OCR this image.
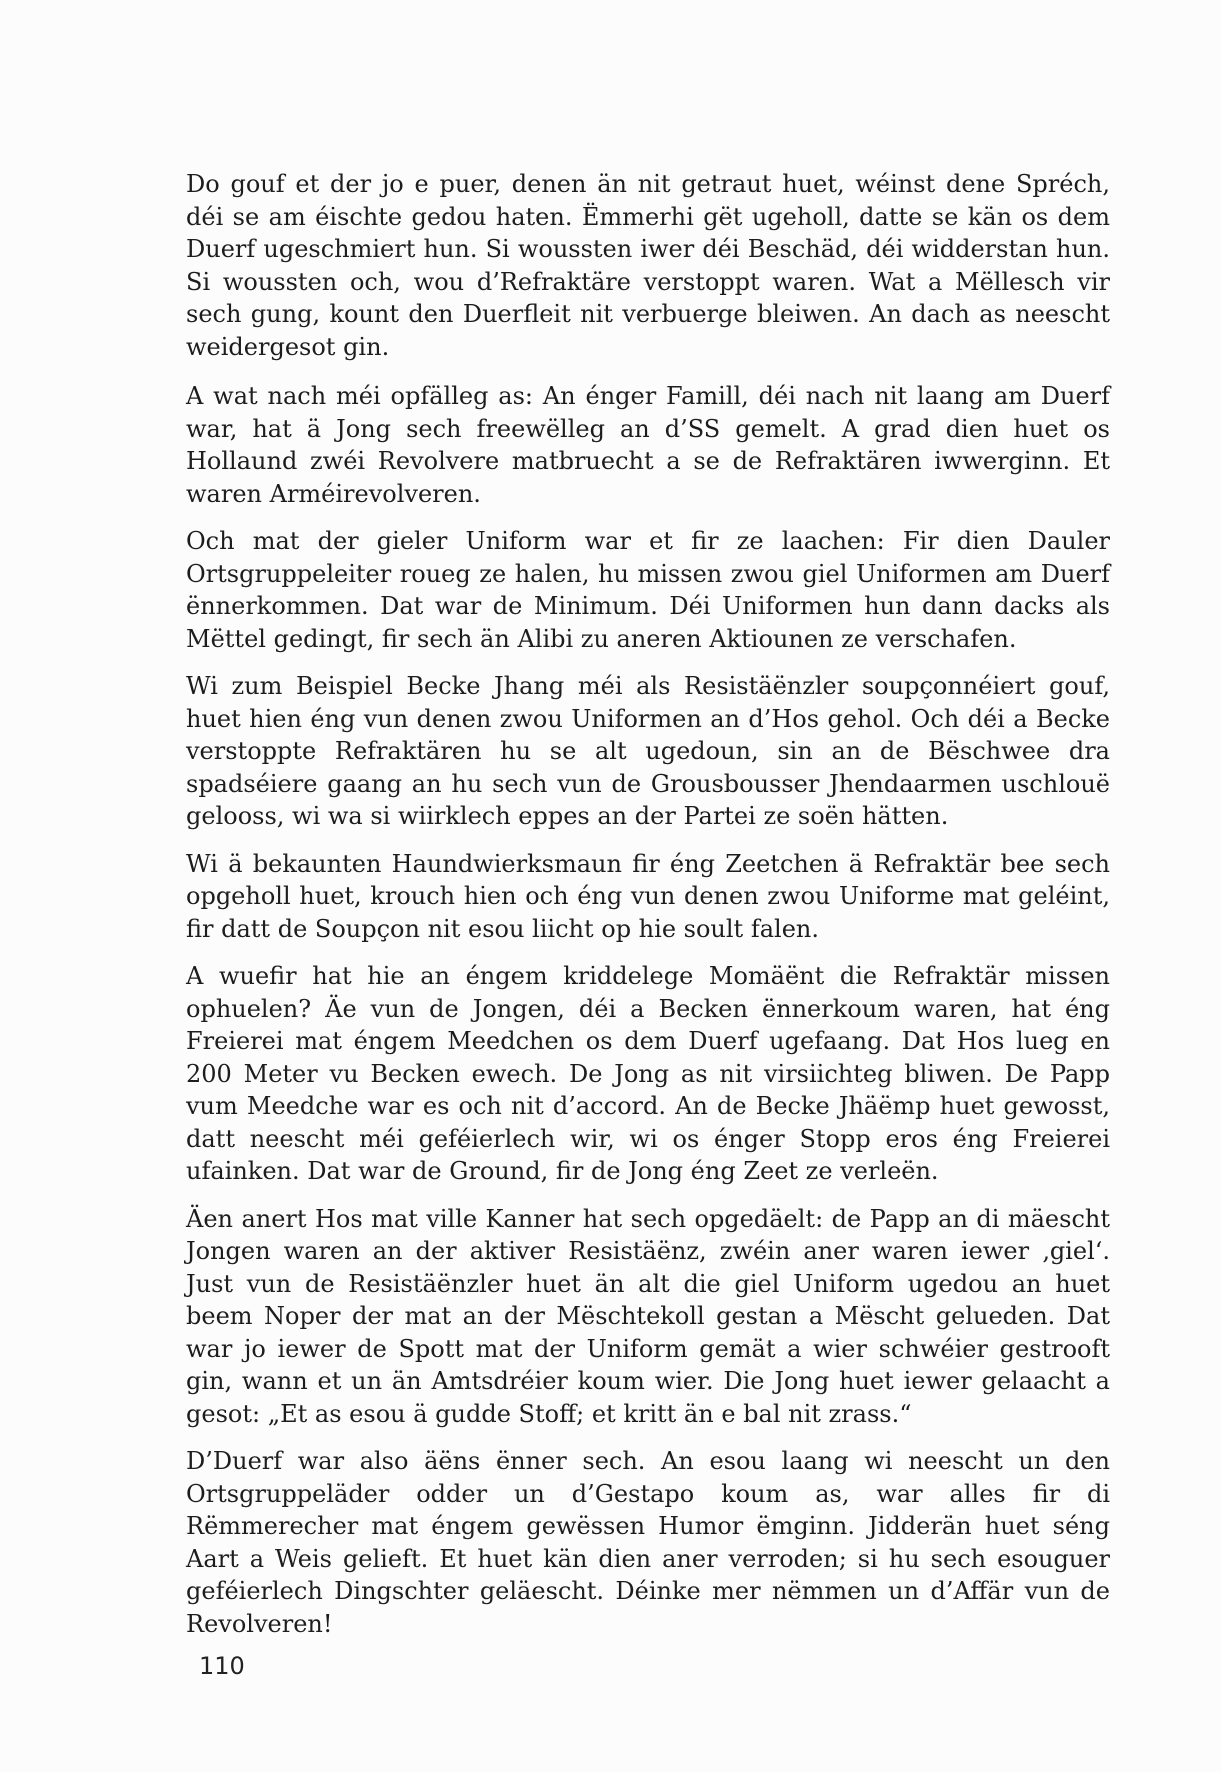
Do gouf et der jo e puer, denen än nit getraut huet, wéinst dene Spréch, déi se am éischte gedou haten. Ëmmerhi gët ugeholl, datte se kän os dem Duerf ugeschmiert hun. Si woussten iwer déi Beschäd, déi widderstan hun. Si woussten och, wou d’Refraktäre verstoppt waren. Wat a Mëllesch vir sech gung, kount den Duerfleit nit verbuerge bleiwen. An dach as neescht weidergesot gin.

A wat nach méi opfälleg as: An énger Famill, déi nach nit laang am Duerf war, hat ä Jong sech freewëlleg an d’SS gemelt. A grad dien huet os Hollaund zwéi Revolvere matbruecht a se de Refraktären iwwerginn. Et waren Arméirevolveren.

Och mat der gieler Uniform war et fir ze laachen: Fir dien Dauler Ortsgruppeleiter roueg ze halen, hu missen zwou giel Uniformen am Duerf ënnerkommen. Dat war de Minimum. Déi Uniformen hun dann dacks als Mëttel gedingt, fir sech än Alibi zu aneren Aktiounen ze verschafen.

Wi zum Beispiel Becke Jhang méi als Resistäënzler soupçonnéiert gouf, huet hien éng vun denen zwou Uniformen an d’Hos gehol. Och déi a Becke verstoppte Refraktären hu se alt ugedoun, sin an de Bëschwee dra spadséiere gaang an hu sech vun de Grousbousser Jhendaarmen uschlouë gelooss, wi wa si wiirklech eppes an der Partei ze soën hätten.

Wi ä bekaunten Haundwierksmaun fir éng Zeetchen ä Refraktär bee sech opgeholl huet, krouch hien och éng vun denen zwou Uniforme mat geléint, fir datt de Soupçon nit esou liicht op hie soult falen.

A wuefir hat hie an éngem kriddelege Momäënt die Refraktär missen ophuelen? Äe vun de Jongen, déi a Becken ënnerkoum waren, hat éng Freierei mat éngem Meedchen os dem Duerf ugefaang. Dat Hos lueg en 200 Meter vu Becken ewech. De Jong as nit virsiichteg bliwen. De Papp vum Meedche war es och nit d’accord. An de Becke Jhäëmp huet gewosst, datt neescht méi geféierlech wir, wi os énger Stopp eros éng Freierei ufainken. Dat war de Ground, fir de Jong éng Zeet ze verleën.

Äen anert Hos mat ville Kanner hat sech opgedäelt: de Papp an di mäescht Jongen waren an der aktiver Resistäënz, zwéin aner waren iewer ‚giel‘. Just vun de Resistäënzler huet än alt die giel Uniform ugedou an huet beem Noper der mat an der Mëschtekoll gestan a Mëscht gelueden. Dat war jo iewer de Spott mat der Uniform gemät a wier schwéier gestrooft gin, wann et un än Amtsdréier koum wier. Die Jong huet iewer gelaacht a gesot: „Et as esou ä gudde Stoff; et kritt än e bal nit zrass.“

D’Duerf war also äëns ënner sech. An esou laang wi neescht un den Ortsgruppeläder odder un d’Gestapo koum as, war alles fir di Rëmmerecher mat éngem gewëssen Humor ëmginn. Jidderän huet séng Aart a Weis gelieft. Et huet kän dien aner verroden; si hu sech esouguer geféierlech Dingschter geläescht. Déinke mer nëmmen un d’Affär vun de Revolveren!

110
